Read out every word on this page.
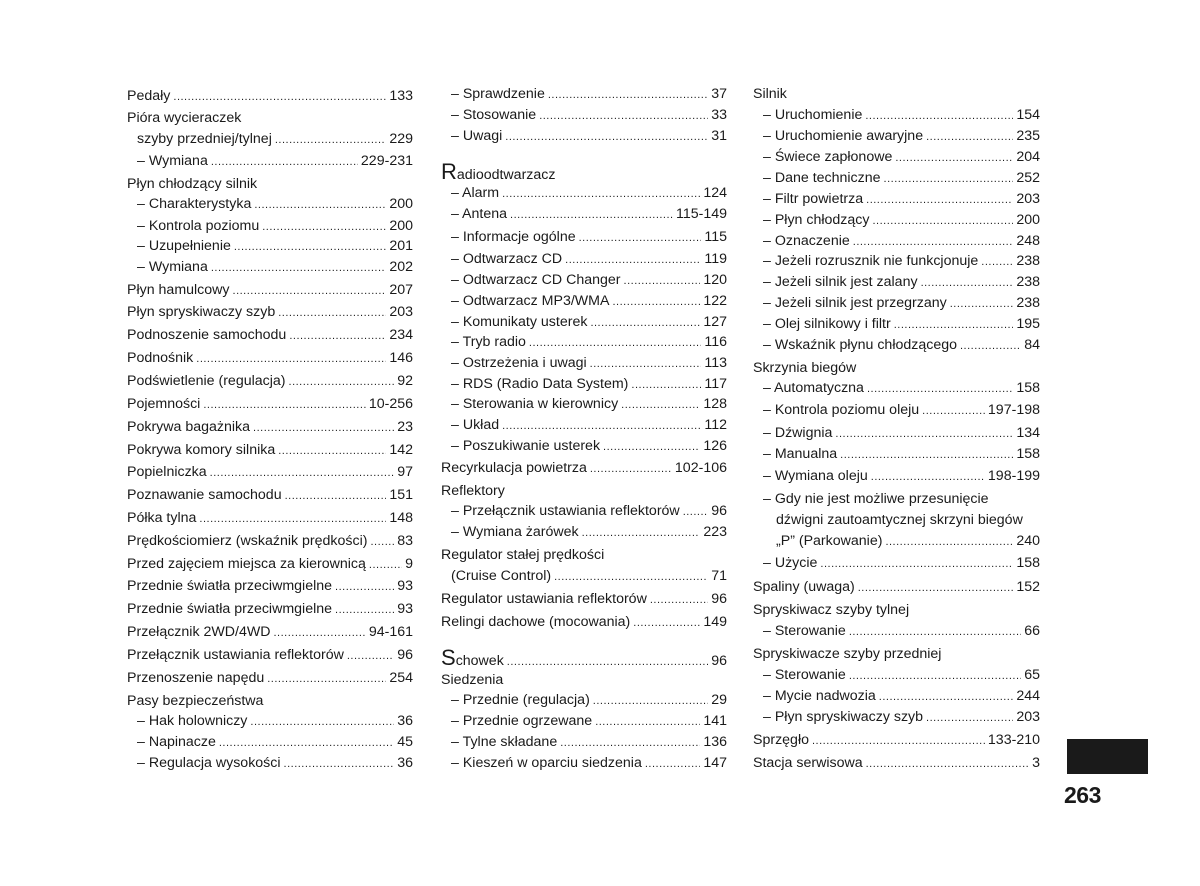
Pedały .....	133
Pióra wycieraczek
szyby przedniej/tylnej .....	229
– Wymiana .....	229-231
Płyn chłodzący silnik
– Charakterystyka .....	200
– Kontrola poziomu .....	200
– Uzupełnienie .....	201
– Wymiana .....	202
Płyn hamulcowy .....	207
Płyn spryskiwaczy szyb .....	203
Podnoszenie samochodu .....	234
Podnośnik .....	146
Podświetlenie (regulacja) .....	92
Pojemności .....	10-256
Pokrywa bagażnika .....	23
Pokrywa komory silnika .....	142
Popielniczka .....	97
Poznawanie samochodu .....	151
Półka tylna .....	148
Prędkościomierz (wskaźnik prędkości) ..... 83
Przed zajęciem miejsca za kierownicą .....	9
Przednie światła przeciwmgielne .....	93
Przednie światła przeciwmgielne .....	93
Przełącznik 2WD/4WD .....	94-161
Przełącznik ustawiania reflektorów .....	96
Przenoszenie napędu .....	254
Pasy bezpieczeństwa
– Hak holowniczy .....	36
– Napinacze .....	45
– Regulacja wysokości .....	36
– Sprawdzenie .....	37
– Stosowanie .....	33
– Uwagi .....	31
Radioodtwarzacz
– Alarm .....	124
– Antena .....	115-149
– Informacje ogólne .....	115
– Odtwarzacz CD .....	119
– Odtwarzacz CD Changer .....	120
– Odtwarzacz MP3/WMA .....	122
– Komunikaty usterek .....	127
– Tryb radio .....	116
– Ostrzeżenia i uwagi .....	113
– RDS (Radio Data System) .....	117
– Sterowania w kierownicy .....	128
– Układ .....	112
– Poszukiwanie usterek .....	126
Recyrkulacja powietrza .....	102-106
Reflektory
– Przełącznik ustawiania reflektorów ..... 96
– Wymiana żarówek .....	223
Regulator stałej prędkości
(Cruise Control) .....	71
Regulator ustawiania reflektorów .....	96
Relingi dachowe (mocowania) .....	149
Schowek .....	96
Siedzenia
– Przednie (regulacja) .....	29
– Przednie ogrzewane .....	141
– Tylne składane .....	136
– Kieszeń w oparciu siedzenia .....	147
Silnik
– Uruchomienie .....	154
– Uruchomienie awaryjne .....	235
– Świece zapłonowe .....	204
– Dane techniczne .....	252
– Filtr powietrza .....	203
– Płyn chłodzący .....	200
– Oznaczenie .....	248
– Jeżeli rozrusznik nie funkcjonuje .....	238
– Jeżeli silnik jest zalany .....	238
– Jeżeli silnik jest przegrzany .....	238
– Olej silnikowy i filtr .....	195
– Wskaźnik płynu chłodzącego .....	84
Skrzynia biegów
– Automatyczna .....	158
– Kontrola poziomu oleju .....	197-198
– Dźwignia .....	134
– Manualna .....	158
– Wymiana oleju .....	198-199
– Gdy nie jest możliwe przesunięcie
dźwigni zautoamtycznej skrzyni biegów
„P” (Parkowanie) .....	240
– Użycie .....	158
Spaliny (uwaga) .....	152
Spryskiwacz szyby tylnej
– Sterowanie .....	66
Spryskiwacze szyby przedniej
– Sterowanie .....	65
– Mycie nadwozia .....	244
– Płyn spryskiwaczy szyb .....	203
Sprzęgło .....	133-210
Stacja serwisowa .....	3
263
